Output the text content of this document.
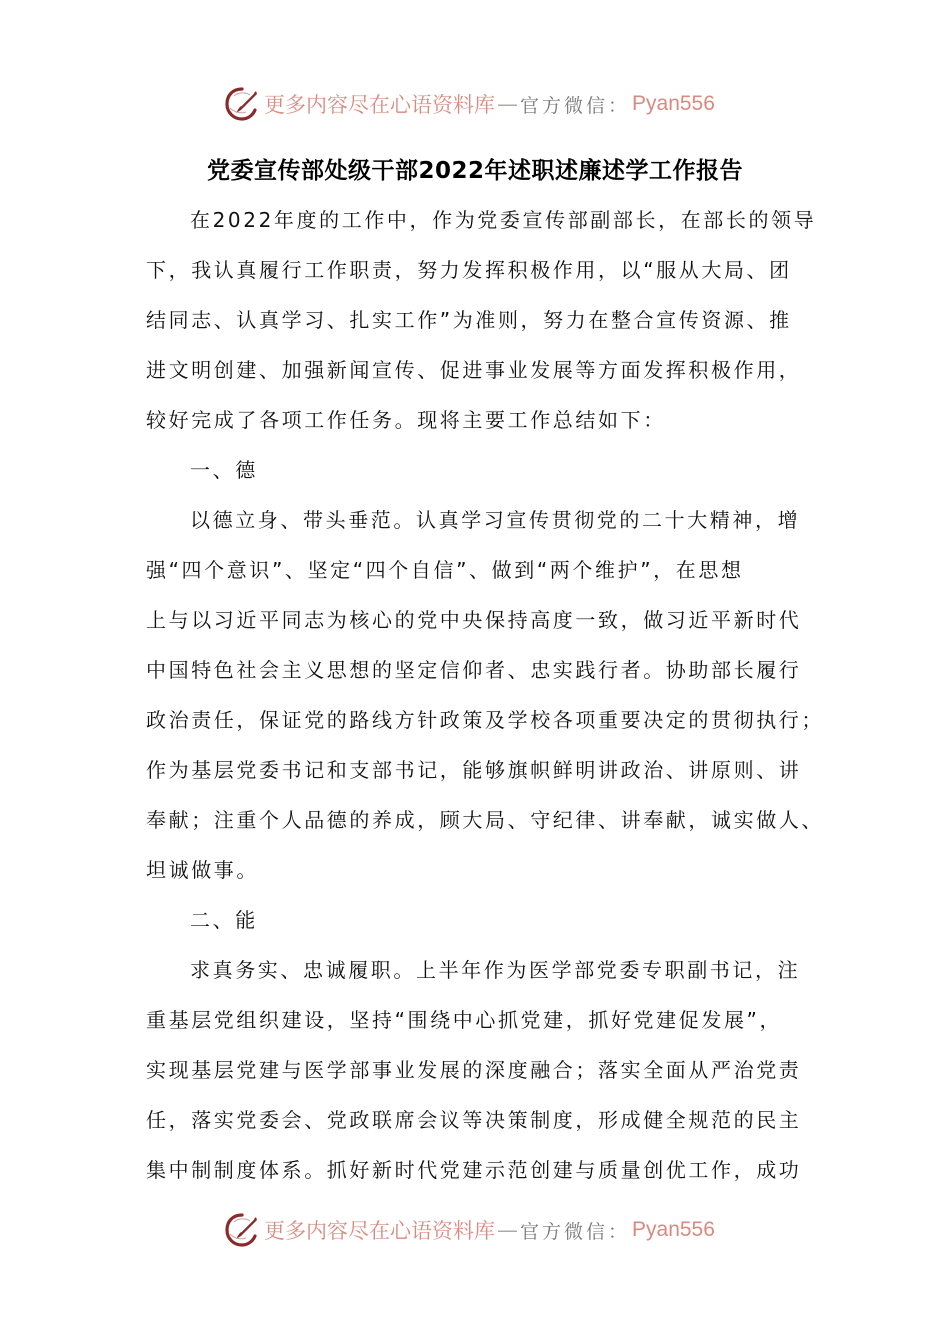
更多内容尽在心语资料库 — 官方微信： Pyan556
党委宣传部处级干部2022年述职述廉述学工作报告
在2022年度的工作中，作为党委宣传部副部长，在部长的领导
下，我认真履行工作职责，努力发挥积极作用，以“服从大局、团
结同志、认真学习、扎实工作”为准则，努力在整合宣传资源、推
进文明创建、加强新闻宣传、促进事业发展等方面发挥积极作用，
较好完成了各项工作任务。现将主要工作总结如下：
一、德
以德立身、带头垂范。认真学习宣传贯彻党的二十大精神，增
强“四个意识”、坚定“四个自信”、做到“两个维护”，在思想
上与以习近平同志为核心的党中央保持高度一致，做习近平新时代
中国特色社会主义思想的坚定信仰者、忠实践行者。协助部长履行
政治责任，保证党的路线方针政策及学校各项重要决定的贯彻执行；
作为基层党委书记和支部书记，能够旗帜鲜明讲政治、讲原则、讲
奉献；注重个人品德的养成，顾大局、守纪律、讲奉献，诚实做人、
坦诚做事。
二、能
求真务实、忠诚履职。上半年作为医学部党委专职副书记，注
重基层党组织建设，坚持“围绕中心抓党建，抓好党建促发展”，
实现基层党建与医学部事业发展的深度融合；落实全面从严治党责
任，落实党委会、党政联席会议等决策制度，形成健全规范的民主
集中制制度体系。抓好新时代党建示范创建与质量创优工作，成功
更多内容尽在心语资料库 — 官方微信： Pyan556
